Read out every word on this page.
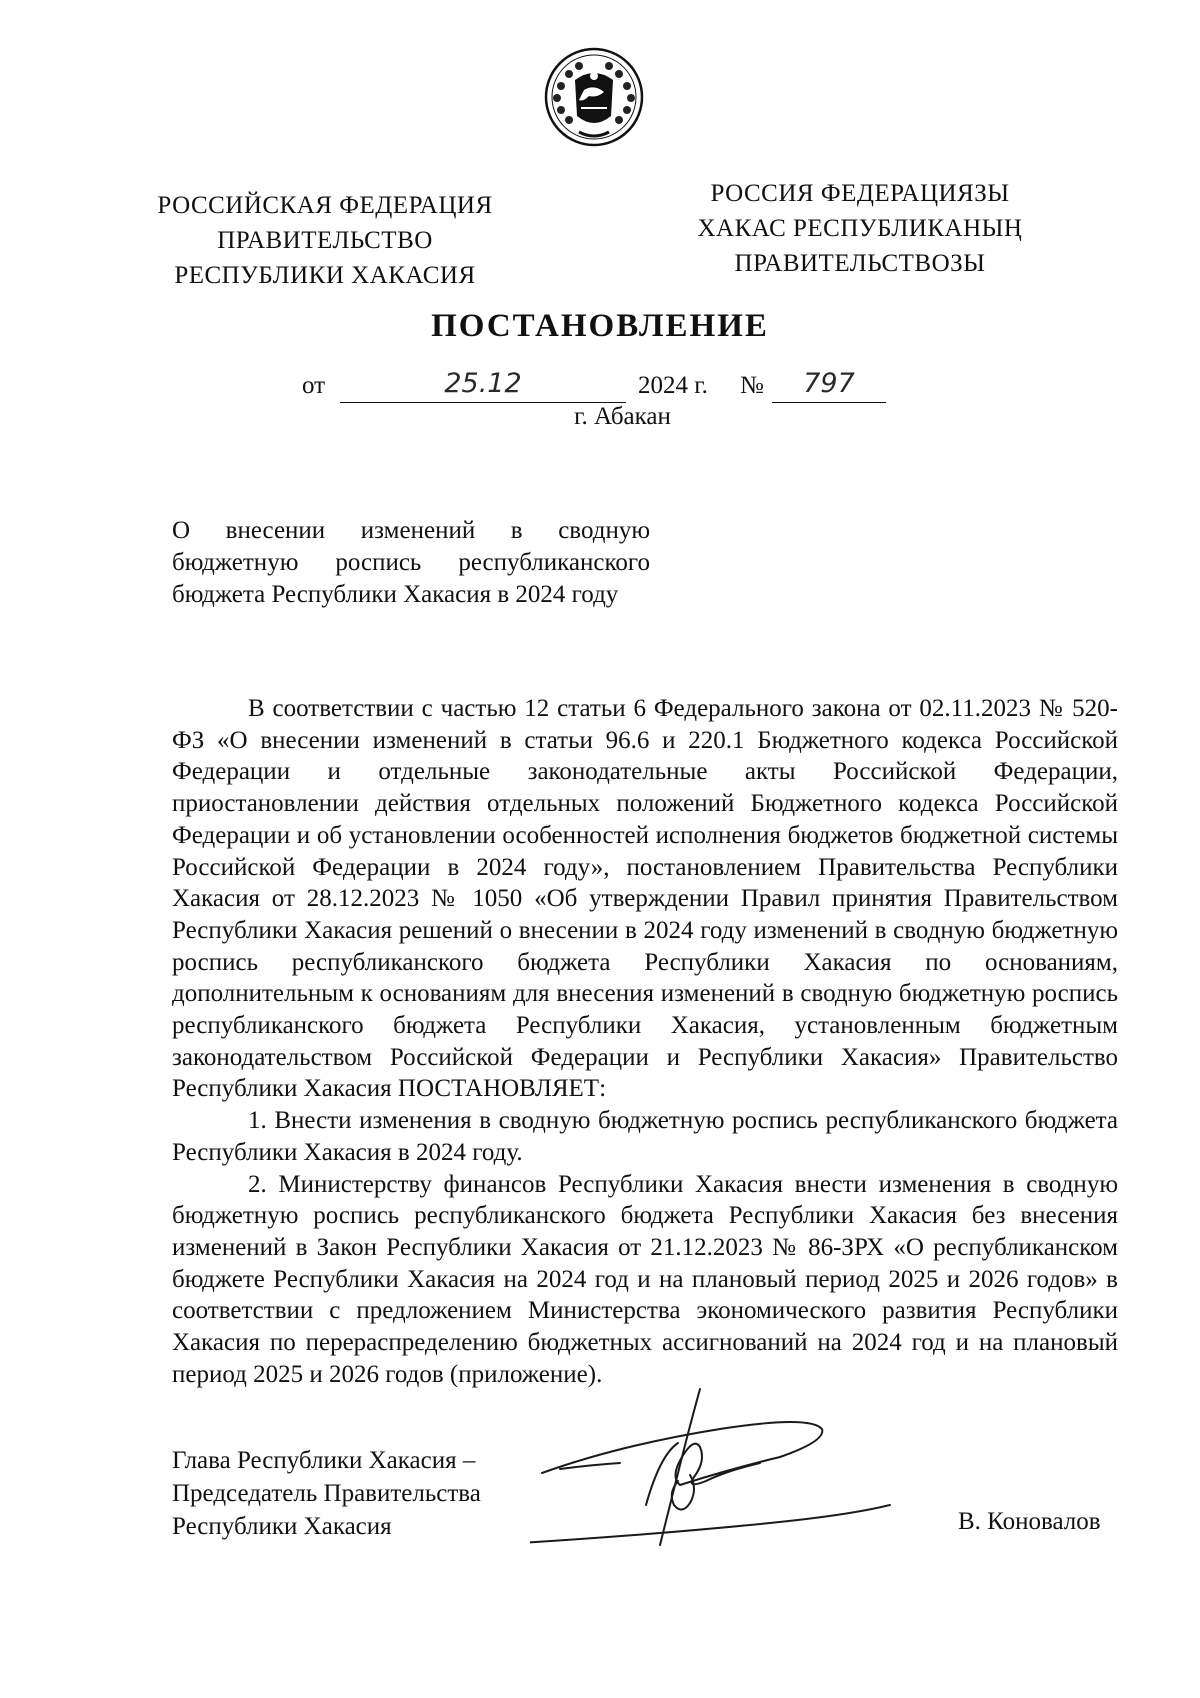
РОССИЙСКАЯ ФЕДЕРАЦИЯ
ПРАВИТЕЛЬСТВО
РЕСПУБЛИКИ ХАКАСИЯ
РОССИЯ ФЕДЕРАЦИЯЗЫ
ХАКАС РЕСПУБЛИКАНЫҢ
ПРАВИТЕЛЬСТВОЗЫ
ПОСТАНОВЛЕНИЕ
от	25.12	2024 г. №	797
г. Абакан
О внесении изменений в сводную бюджетную роспись республиканского бюджета Республики Хакасия в 2024 году

В соответствии с частью 12 статьи 6 Федерального закона от 02.11.2023 № 520-ФЗ «О внесении изменений в статьи 96.6 и 220.1 Бюджетного кодекса Российской Федерации и отдельные законодательные акты Российской Федерации, приостановлении действия отдельных положений Бюджетного кодекса Российской Федерации и об установлении особенностей исполнения бюджетов бюджетной системы Российской Федерации в 2024 году», постановлением Правительства Республики Хакасия от 28.12.2023 № 1050 «Об утверждении Правил принятия Правительством Республики Хакасия решений о внесении в 2024 году изменений в сводную бюджетную роспись республиканского бюджета Республики Хакасия по основаниям, дополнительным к основаниям для внесения изменений в сводную бюджетную роспись республиканского бюджета Республики Хакасия, установленным бюджетным законодательством Российской Федерации и Республики Хакасия» Правительство Республики Хакасия ПОСТАНОВЛЯЕТ:

1. Внести изменения в сводную бюджетную роспись республиканского бюджета Республики Хакасия в 2024 году.

2. Министерству финансов Республики Хакасия внести изменения в сводную бюджетную роспись республиканского бюджета Республики Хакасия без внесения изменений в Закон Республики Хакасия от 21.12.2023 № 86-ЗРХ «О республиканском бюджете Республики Хакасия на 2024 год и на плановый период 2025 и 2026 годов» в соответствии с предложением Министерства экономического развития Республики Хакасия по перераспределению бюджетных ассигнований на 2024 год и на плановый период 2025 и 2026 годов (приложение).

Глава Республики Хакасия –
Председатель Правительства
Республики Хакасия	В. Коновалов
